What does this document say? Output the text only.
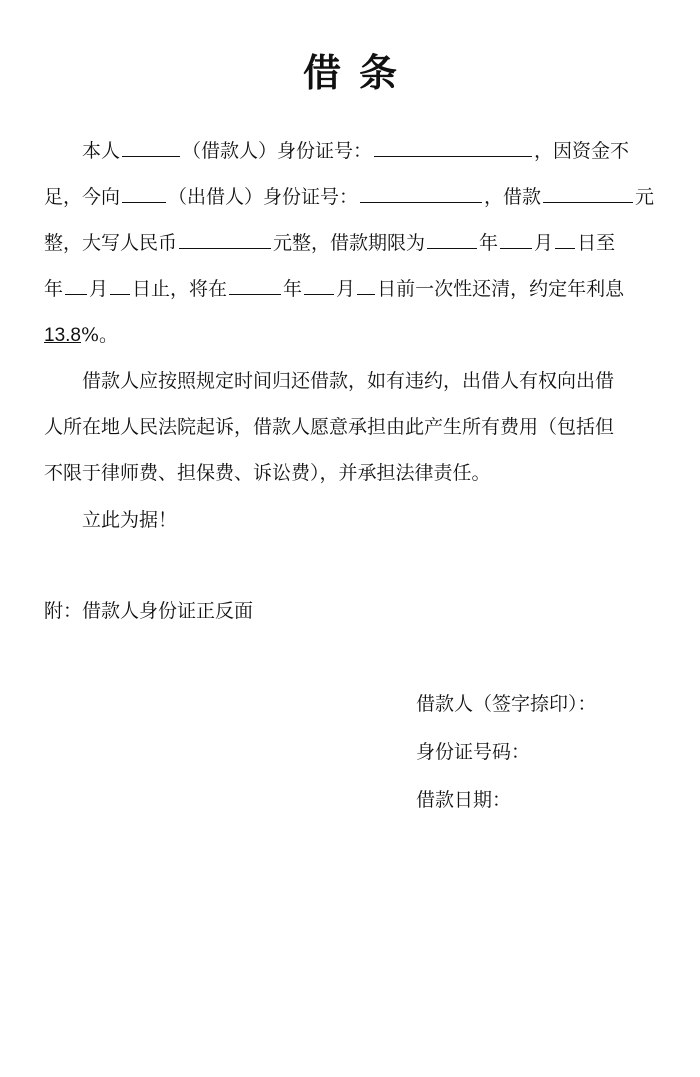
借条
本人	（借款人）身份证号：	，因资金不
足，今向	（出借人）身份证号：	，借款	元
整，大写人民币	元整，借款期限为	年 月 日至
年 月 日止，将在	年 月 日前一次性还清，约定年利息
13.8%。
借款人应按照规定时间归还借款，如有违约，出借人有权向出借
人所在地人民法院起诉，借款人愿意承担由此产生所有费用（包括但
不限于律师费、担保费、诉讼费），并承担法律责任。
立此为据！
附：借款人身份证正反面
借款人（签字捺印）：
身份证号码：
借款日期：
